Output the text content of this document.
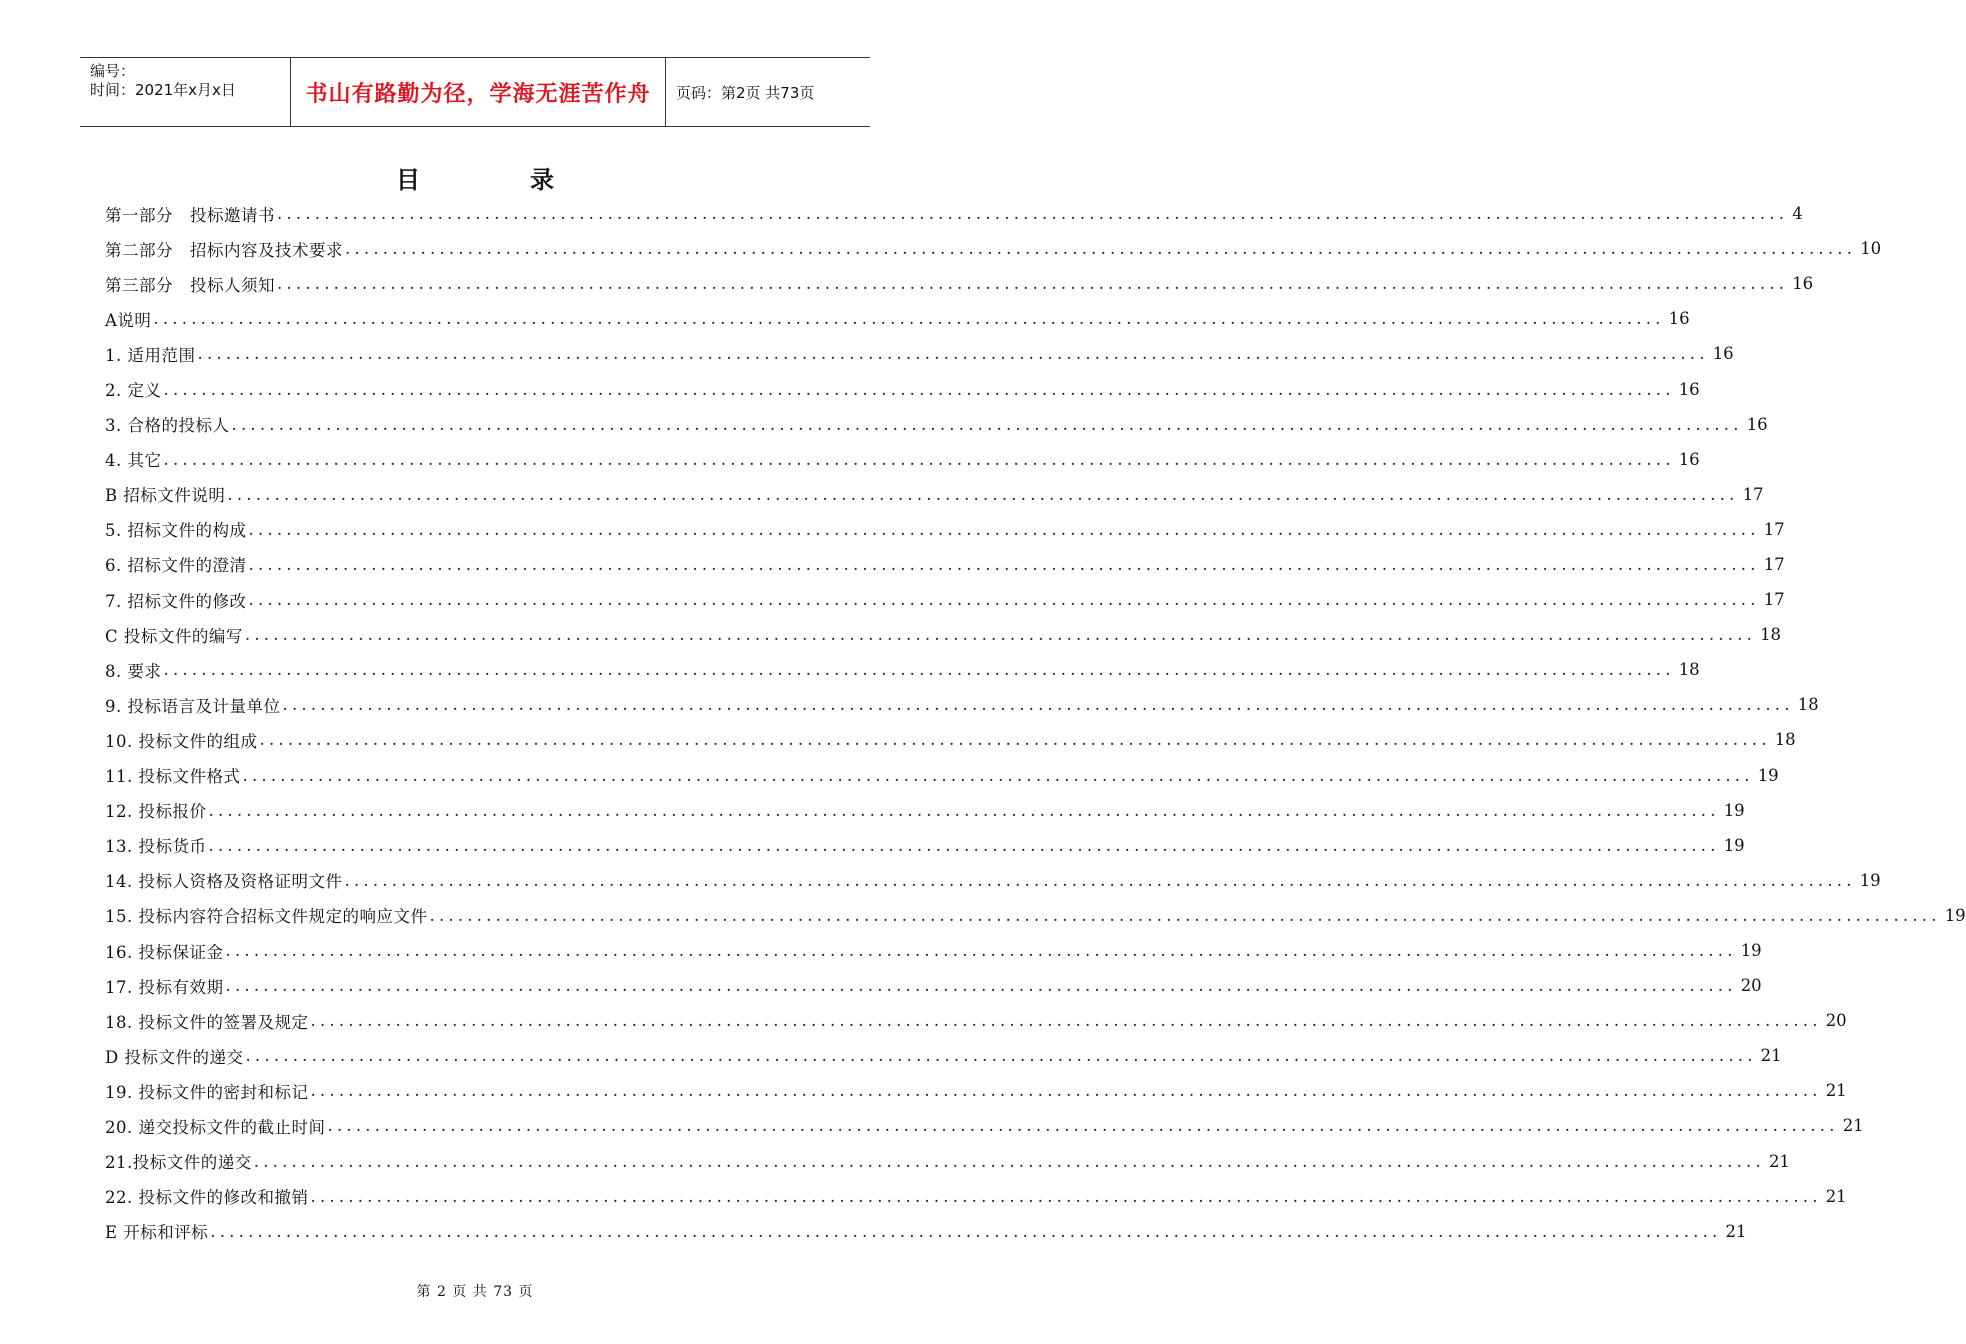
编号：
时间：2021年x月x日	书山有路勤为径，学海无涯苦作舟 页码：第2页 共73页
目	录
第一部分　投标邀请书 ................................................................................................................................................................ 4
第二部分　招标内容及技术要求 ................................................................................................................................................................ 10
第三部分　投标人须知 ................................................................................................................................................................ 16
A说明 ................................................................................................................................................................ 16
1. 适用范围 ................................................................................................................................................................ 16
2. 定义 ................................................................................................................................................................ 16
3. 合格的投标人 ................................................................................................................................................................ 16
4. 其它 ................................................................................................................................................................ 16
B 招标文件说明 ................................................................................................................................................................ 17
5. 招标文件的构成 ................................................................................................................................................................ 17
6. 招标文件的澄清 ................................................................................................................................................................ 17
7. 招标文件的修改 ................................................................................................................................................................ 17
C 投标文件的编写 ................................................................................................................................................................ 18
8. 要求 ................................................................................................................................................................ 18
9. 投标语言及计量单位 ................................................................................................................................................................ 18
10. 投标文件的组成 ................................................................................................................................................................ 18
11. 投标文件格式 ................................................................................................................................................................ 19
12. 投标报价 ................................................................................................................................................................ 19
13. 投标货币 ................................................................................................................................................................ 19
14. 投标人资格及资格证明文件 ................................................................................................................................................................ 19
15. 投标内容符合招标文件规定的响应文件 ................................................................................................................................................................ 19
16. 投标保证金 ................................................................................................................................................................ 19
17. 投标有效期 ................................................................................................................................................................ 20
18. 投标文件的签署及规定 ................................................................................................................................................................ 20
D 投标文件的递交 ................................................................................................................................................................ 21
19. 投标文件的密封和标记 ................................................................................................................................................................ 21
20. 递交投标文件的截止时间 ................................................................................................................................................................ 21
21.投标文件的递交 ................................................................................................................................................................ 21
22. 投标文件的修改和撤销 ................................................................................................................................................................ 21
E 开标和评标 ................................................................................................................................................................ 21
第 2 页 共 73 页
